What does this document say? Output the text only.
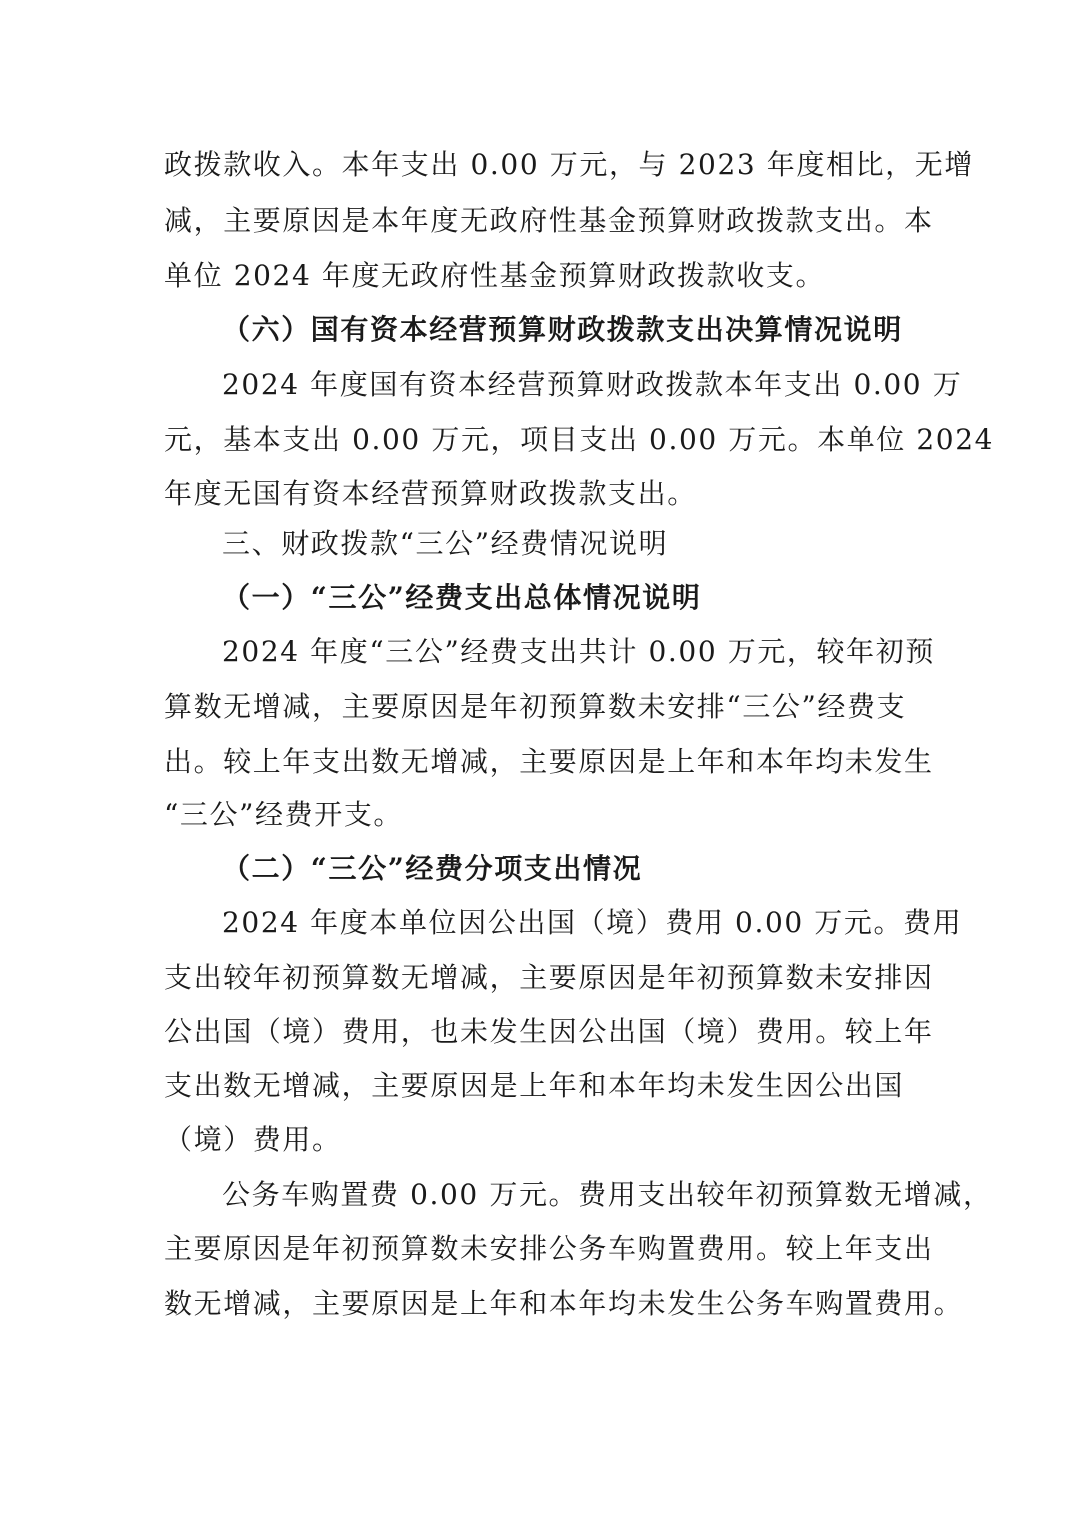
政拨款收入。本年支出 0.00 万元，与 2023 年度相比，无增
减，主要原因是本年度无政府性基金预算财政拨款支出。本
单位 2024 年度无政府性基金预算财政拨款收支。
（六）国有资本经营预算财政拨款支出决算情况说明
2024 年度国有资本经营预算财政拨款本年支出 0.00 万
元，基本支出 0.00 万元，项目支出 0.00 万元。本单位 2024
年度无国有资本经营预算财政拨款支出。
三、财政拨款“三公”经费情况说明
（一）“三公”经费支出总体情况说明
2024 年度“三公”经费支出共计 0.00 万元，较年初预
算数无增减，主要原因是年初预算数未安排“三公”经费支
出。较上年支出数无增减，主要原因是上年和本年均未发生
“三公”经费开支。
（二）“三公”经费分项支出情况
2024 年度本单位因公出国（境）费用 0.00 万元。费用
支出较年初预算数无增减，主要原因是年初预算数未安排因
公出国（境）费用，也未发生因公出国（境）费用。较上年
支出数无增减，主要原因是上年和本年均未发生因公出国
（境）费用。
公务车购置费 0.00 万元。费用支出较年初预算数无增减，
主要原因是年初预算数未安排公务车购置费用。较上年支出
数无增减，主要原因是上年和本年均未发生公务车购置费用。
